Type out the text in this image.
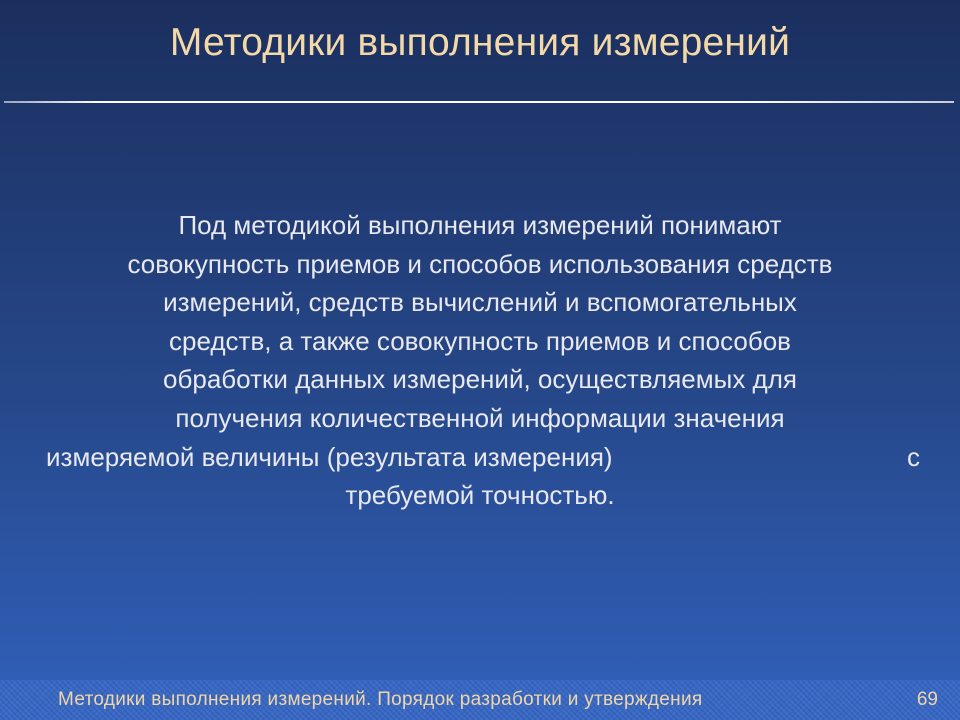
Методики выполнения измерений
Под методикой выполнения измерений понимают
совокупность приемов и способов использования средств
измерений, средств вычислений и вспомогательных
средств, а также совокупность приемов и способов
обработки данных измерений, осуществляемых для
получения количественной информации значения
измеряемой величины (результата измерения)	с
требуемой точностью.
Методики выполнения измерений. Порядок разработки и утверждения	69
